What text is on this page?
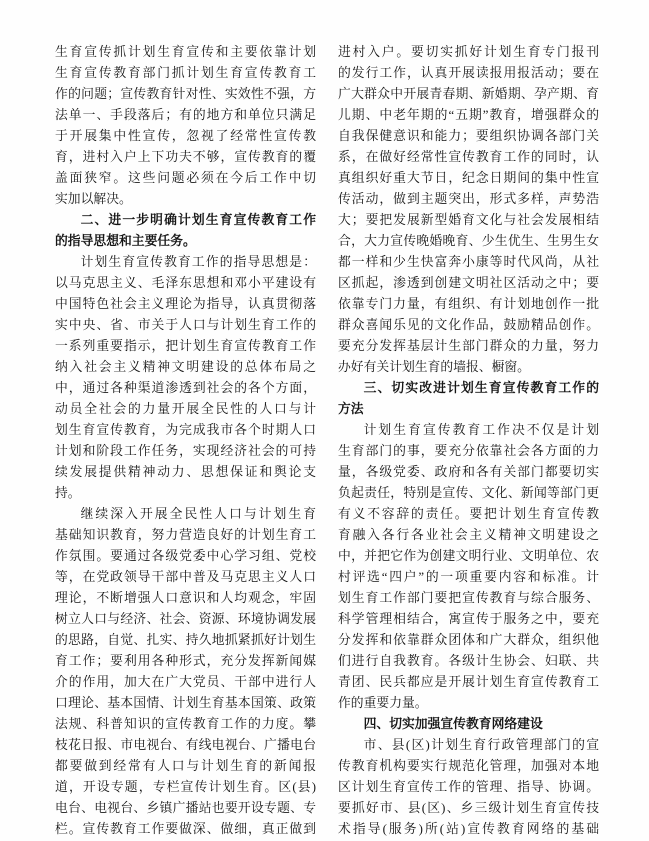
生育宣传抓计划生育宣传和主要依靠计划
生育宣传教育部门抓计划生育宣传教育工
作的问题；宣传教育针对性、实效性不强，方
法单一、手段落后；有的地方和单位只满足
于开展集中性宣传，忽视了经常性宣传教
育，进村入户上下功夫不够，宣传教育的覆
盖面狭窄。这些问题必须在今后工作中切
实加以解决。
二、进一步明确计划生育宣传教育工作
的指导思想和主要任务。
计划生育宣传教育工作的指导思想是：
以马克思主义、毛泽东思想和邓小平建设有
中国特色社会主义理论为指导，认真贯彻落
实中央、省、市关于人口与计划生育工作的
一系列重要指示，把计划生育宣传教育工作
纳入社会主义精神文明建设的总体布局之
中，通过各种渠道渗透到社会的各个方面，
动员全社会的力量开展全民性的人口与计
划生育宣传教育，为完成我市各个时期人口
计划和阶段工作任务，实现经济社会的可持
续发展提供精神动力、思想保证和舆论支
持。
继续深入开展全民性人口与计划生育
基础知识教育，努力营造良好的计划生育工
作氛围。要通过各级党委中心学习组、党校
等，在党政领导干部中普及马克思主义人口
理论，不断增强人口意识和人均观念，牢固
树立人口与经济、社会、资源、环境协调发展
的思路，自觉、扎实、持久地抓紧抓好计划生
育工作；要利用各种形式，充分发挥新闻媒
介的作用，加大在广大党员、干部中进行人
口理论、基本国情、计划生育基本国策、政策
法规、科普知识的宣传教育工作的力度。攀
枝花日报、市电视台、有线电视台、广播电台
都要做到经常有人口与计划生育的新闻报
道，开设专题，专栏宣传计划生育。区(县)
电台、电视台、乡镇广播站也要开设专题、专
栏。宣传教育工作要做深、做细，真正做到
进村入户。要切实抓好计划生育专门报刊
的发行工作，认真开展读报用报活动；要在
广大群众中开展青春期、新婚期、孕产期、育
儿期、中老年期的“五期”教育，增强群众的
自我保健意识和能力；要组织协调各部门关
系，在做好经常性宣传教育工作的同时，认
真组织好重大节日，纪念日期间的集中性宣
传活动，做到主题突出，形式多样，声势浩
大；要把发展新型婚育文化与社会发展相结
合，大力宣传晚婚晚育、少生优生、生男生女
都一样和少生快富奔小康等时代风尚，从社
区抓起，渗透到创建文明社区活动之中；要
依靠专门力量，有组织、有计划地创作一批
群众喜闻乐见的文化作品，鼓励精品创作。
要充分发挥基层计生部门群众的力量，努力
办好有关计划生育的墙报、橱窗。
三、切实改进计划生育宣传教育工作的
方法
计划生育宣传教育工作决不仅是计划
生育部门的事，要充分依靠社会各方面的力
量，各级党委、政府和各有关部门都要切实
负起责任，特别是宣传、文化、新闻等部门更
有义不容辞的责任。要把计划生育宣传教
育融入各行各业社会主义精神文明建设之
中，并把它作为创建文明行业、文明单位、农
村评选“四户”的一项重要内容和标准。计
划生育工作部门要把宣传教育与综合服务、
科学管理相结合，寓宣传于服务之中，要充
分发挥和依靠群众团体和广大群众，组织他
们进行自我教育。各级计生协会、妇联、共
青团、民兵都应是开展计划生育宣传教育工
作的重要力量。
四、切实加强宣传教育网络建设
市、县(区)计划生育行政管理部门的宣
传教育机构要实行规范化管理，加强对本地
区计划生育宣传工作的管理、指导、协调。
要抓好市、县(区)、乡三级计划生育宣传技
术指导(服务)所(站)宣传教育网络的基础
